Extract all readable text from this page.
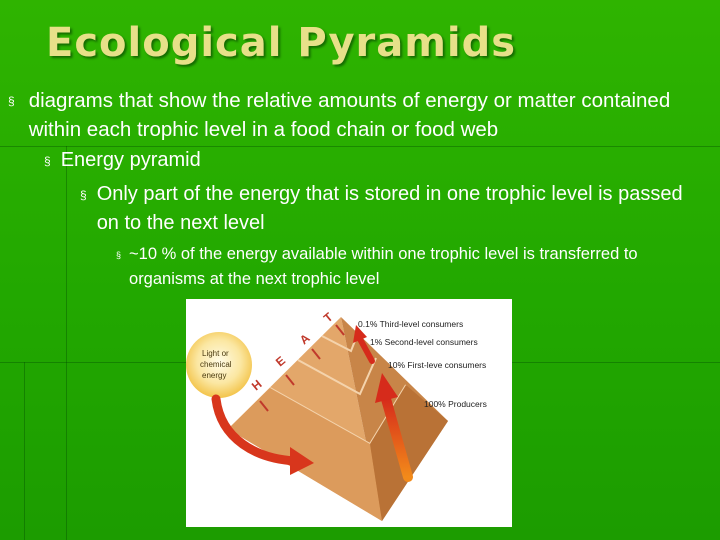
Ecological Pyramids
§ diagrams that show the relative amounts of energy or matter contained within each trophic level in a food chain or food web
§ Energy pyramid
§ Only part of the energy that is stored in one trophic level is passed on to the next level
§ ~10 % of the energy available within one trophic level is transferred to organisms at the next trophic level
Light or
chemical
energy
H
E
A
T	0.1% Third-level consumers
1% Second-level consumers
10% First-leve consumers
100% Producers
